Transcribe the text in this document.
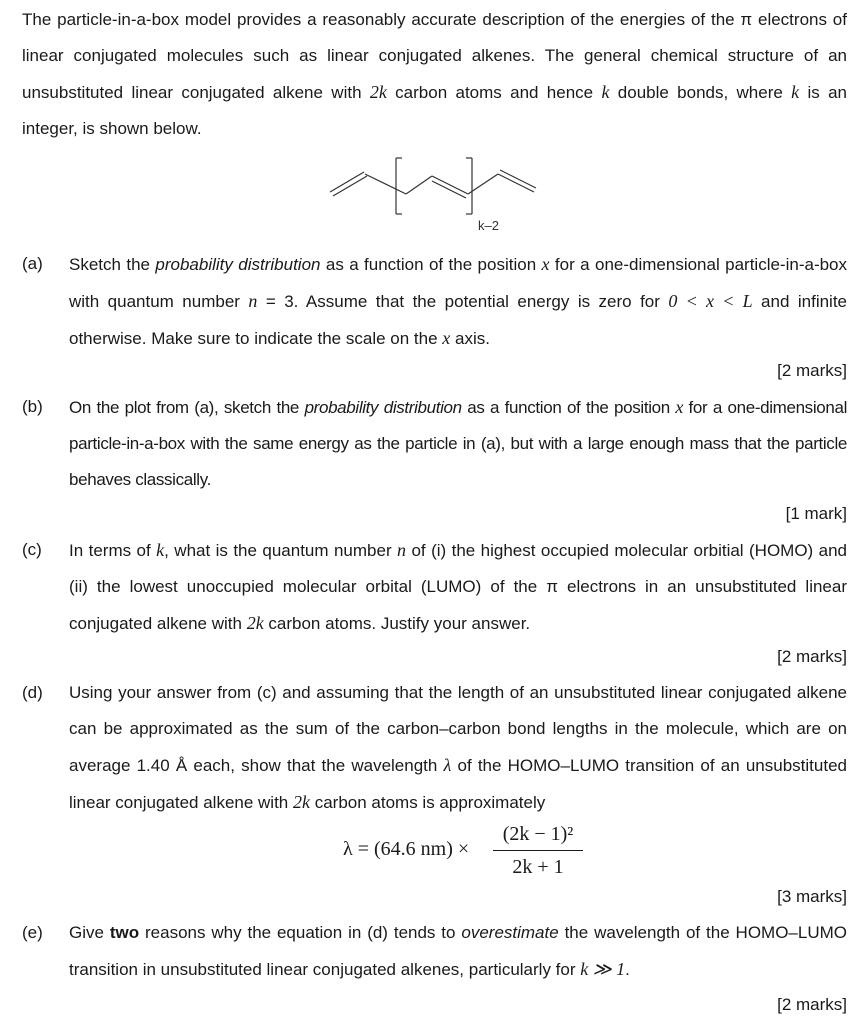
The particle-in-a-box model provides a reasonably accurate description of the energies of the π electrons of linear conjugated molecules such as linear conjugated alkenes. The general chemical structure of an unsubstituted linear conjugated alkene with 2k carbon atoms and hence k double bonds, where k is an integer, is shown below.

k–2
(a) Sketch the probability distribution as a function of the position x for a one-dimensional particle-in-a-box with quantum number n = 3. Assume that the potential energy is zero for 0 < x < L and infinite otherwise. Make sure to indicate the scale on the x axis.
[2 marks]
(b) On the plot from (a), sketch the probability distribution as a function of the position x for a one-dimensional particle-in-a-box with the same energy as the particle in (a), but with a large enough mass that the particle behaves classically.
[1 mark]
(c) In terms of k, what is the quantum number n of (i) the highest occupied molecular orbitial (HOMO) and (ii) the lowest unoccupied molecular orbital (LUMO) of the π electrons in an unsubstituted linear conjugated alkene with 2k carbon atoms. Justify your answer.
[2 marks]
(d) Using your answer from (c) and assuming that the length of an unsubstituted linear conjugated alkene can be approximated as the sum of the carbon–carbon bond lengths in the molecule, which are on average 1.40 Å each, show that the wavelength λ of the HOMO–LUMO transition of an unsubstituted linear conjugated alkene with 2k carbon atoms is approximately
λ = (64.6 nm) ×
(2k − 1)²
2k + 1
[3 marks]
(e) Give two reasons why the equation in (d) tends to overestimate the wavelength of the HOMO–LUMO transition in unsubstituted linear conjugated alkenes, particularly for k ≫ 1.
[2 marks]
